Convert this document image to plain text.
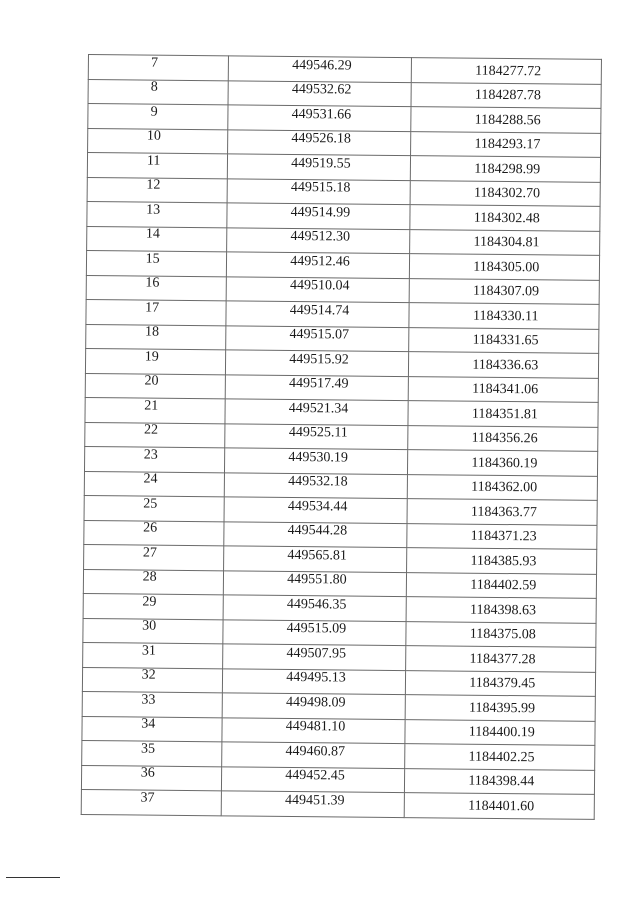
7	449546.29	1184277.72
8	449532.62	1184287.78
9	449531.66	1184288.56
10	449526.18	1184293.17
11	449519.55	1184298.99
12	449515.18	1184302.70
13	449514.99	1184302.48
14	449512.30	1184304.81
15	449512.46	1184305.00
16	449510.04	1184307.09
17	449514.74	1184330.11
18	449515.07	1184331.65
19	449515.92	1184336.63
20	449517.49	1184341.06
21	449521.34	1184351.81
22	449525.11	1184356.26
23	449530.19	1184360.19
24	449532.18	1184362.00
25	449534.44	1184363.77
26	449544.28	1184371.23
27	449565.81	1184385.93
28	449551.80	1184402.59
29	449546.35	1184398.63
30	449515.09	1184375.08
31	449507.95	1184377.28
32	449495.13	1184379.45
33	449498.09	1184395.99
34	449481.10	1184400.19
35	449460.87	1184402.25
36	449452.45	1184398.44
37	449451.39	1184401.60
